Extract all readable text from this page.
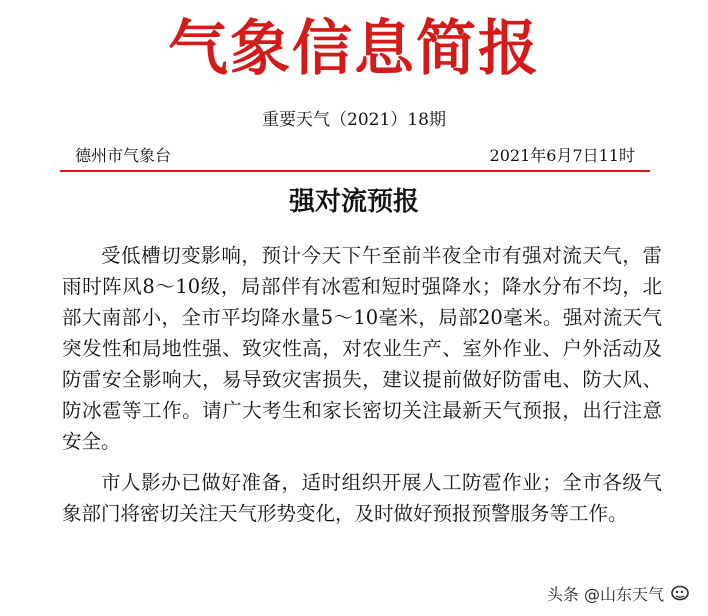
气象信息简报
重要天气（2021）18期
德州市气象台	2021年6月7日11时
强对流预报

受低槽切变影响，预计今天下午至前半夜全市有强对流天气，雷雨时阵风8～10级，局部伴有冰雹和短时强降水；降水分布不均，北部大南部小，全市平均降水量5～10毫米，局部20毫米。强对流天气突发性和局地性强、致灾性高，对农业生产、室外作业、户外活动及防雷安全影响大，易导致灾害损失，建议提前做好防雷电、防大风、防冰雹等工作。请广大考生和家长密切关注最新天气预报，出行注意安全。

市人影办已做好准备，适时组织开展人工防雹作业；全市各级气象部门将密切关注天气形势变化，及时做好预报预警服务等工作。

头条 @山东天气
